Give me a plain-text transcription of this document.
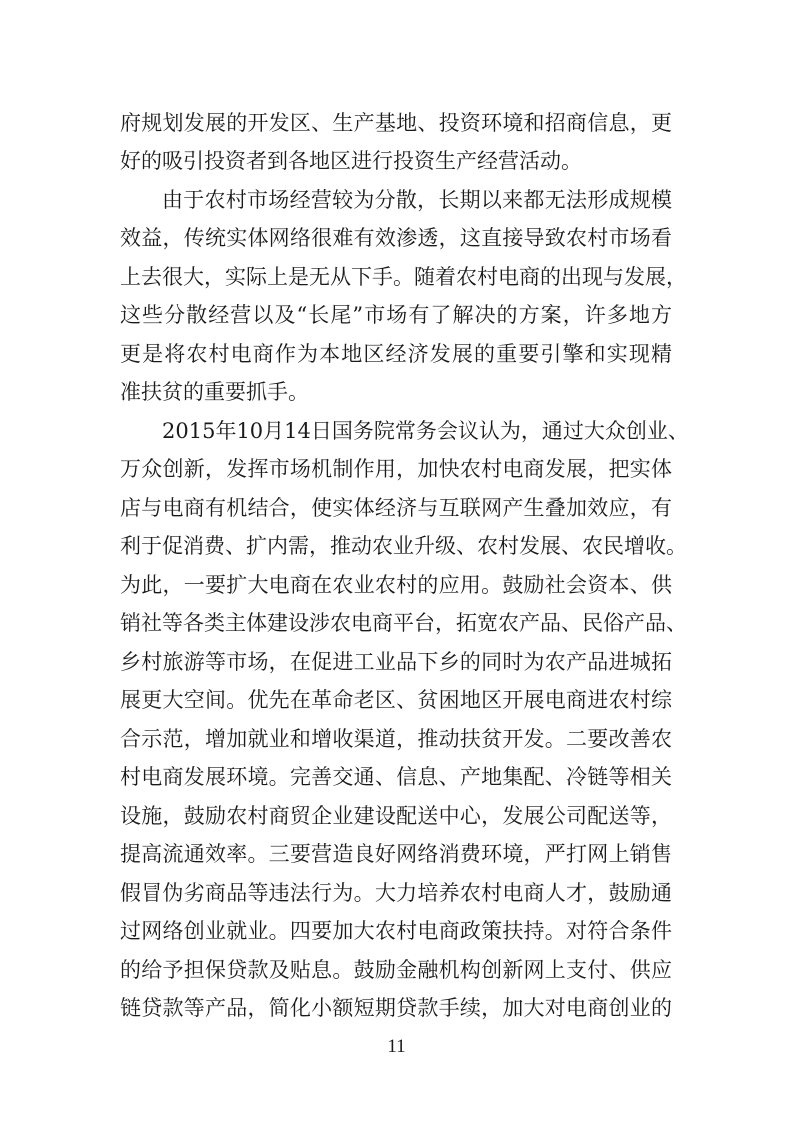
府规划发展的开发区、生产基地、投资环境和招商信息，更
好的吸引投资者到各地区进行投资生产经营活动。
由于农村市场经营较为分散，长期以来都无法形成规模
效益，传统实体网络很难有效渗透，这直接导致农村市场看
上去很大，实际上是无从下手。随着农村电商的出现与发展，
这些分散经营以及“长尾”市场有了解决的方案，许多地方
更是将农村电商作为本地区经济发展的重要引擎和实现精
准扶贫的重要抓手。
2015年10月14日国务院常务会议认为，通过大众创业、
万众创新，发挥市场机制作用，加快农村电商发展，把实体
店与电商有机结合，使实体经济与互联网产生叠加效应，有
利于促消费、扩内需，推动农业升级、农村发展、农民增收。
为此，一要扩大电商在农业农村的应用。鼓励社会资本、供
销社等各类主体建设涉农电商平台，拓宽农产品、民俗产品、
乡村旅游等市场，在促进工业品下乡的同时为农产品进城拓
展更大空间。优先在革命老区、贫困地区开展电商进农村综
合示范，增加就业和增收渠道，推动扶贫开发。二要改善农
村电商发展环境。完善交通、信息、产地集配、冷链等相关
设施，鼓励农村商贸企业建设配送中心，发展公司配送等，
提高流通效率。三要营造良好网络消费环境，严打网上销售
假冒伪劣商品等违法行为。大力培养农村电商人才，鼓励通
过网络创业就业。四要加大农村电商政策扶持。对符合条件
的给予担保贷款及贴息。鼓励金融机构创新网上支付、供应
链贷款等产品，简化小额短期贷款手续，加大对电商创业的
11
